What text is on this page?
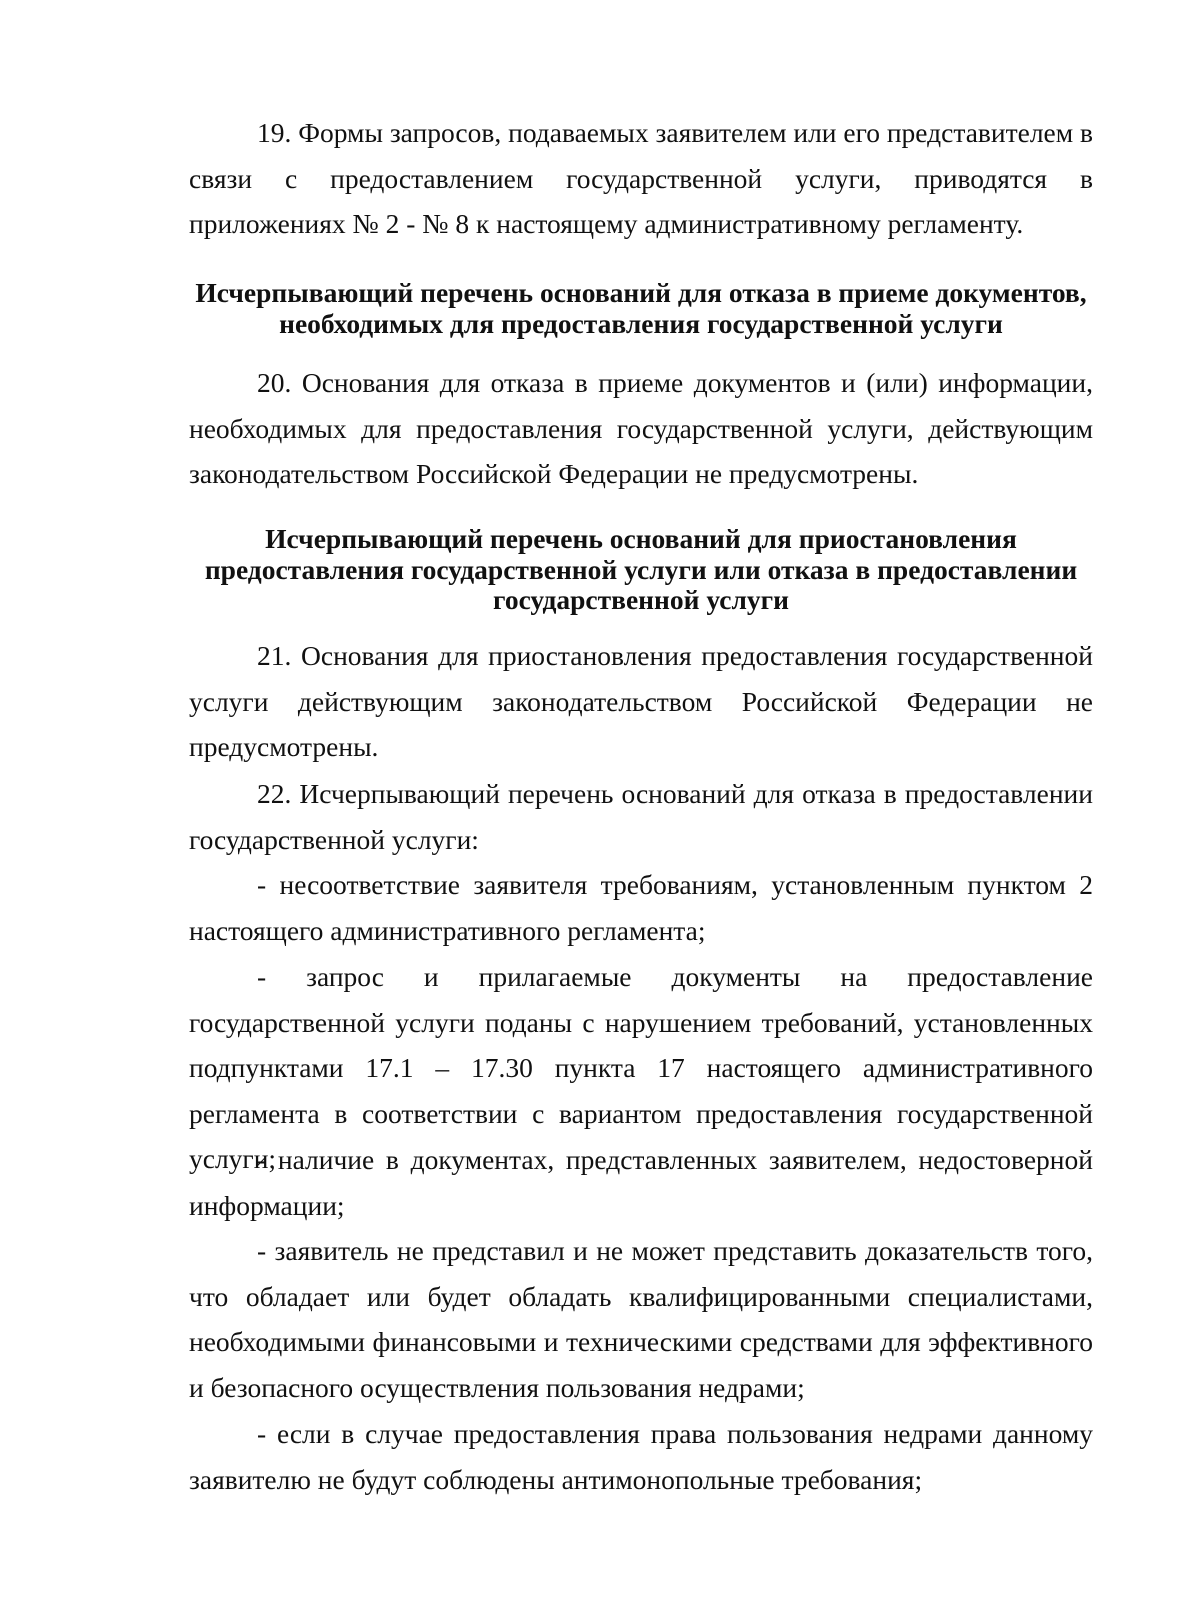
19. Формы запросов, подаваемых заявителем или его представителем в связи с предоставлением государственной услуги, приводятся в приложениях № 2 - № 8 к настоящему административному регламенту.

Исчерпывающий перечень оснований для отказа в приеме документов,
необходимых для предоставления государственной услуги

20. Основания для отказа в приеме документов и (или) информации, необходимых для предоставления государственной услуги, действующим законодательством Российской Федерации не предусмотрены.

Исчерпывающий перечень оснований для приостановления
предоставления государственной услуги или отказа в предоставлении
государственной услуги

21. Основания для приостановления предоставления государственной услуги действующим законодательством Российской Федерации не предусмотрены.

22. Исчерпывающий перечень оснований для отказа в предоставлении государственной услуги:

- несоответствие заявителя требованиям, установленным пунктом 2 настоящего административного регламента;

- запрос и прилагаемые документы на предоставление государственной услуги поданы с нарушением требований, установленных подпунктами 17.1 – 17.30 пункта 17 настоящего административного регламента в соответствии с вариантом предоставления государственной услуги;

- наличие в документах, представленных заявителем, недостоверной информации;

- заявитель не представил и не может представить доказательств того, что обладает или будет обладать квалифицированными специалистами, необходимыми финансовыми и техническими средствами для эффективного и безопасного осуществления пользования недрами;

- если в случае предоставления права пользования недрами данному заявителю не будут соблюдены антимонопольные требования;
